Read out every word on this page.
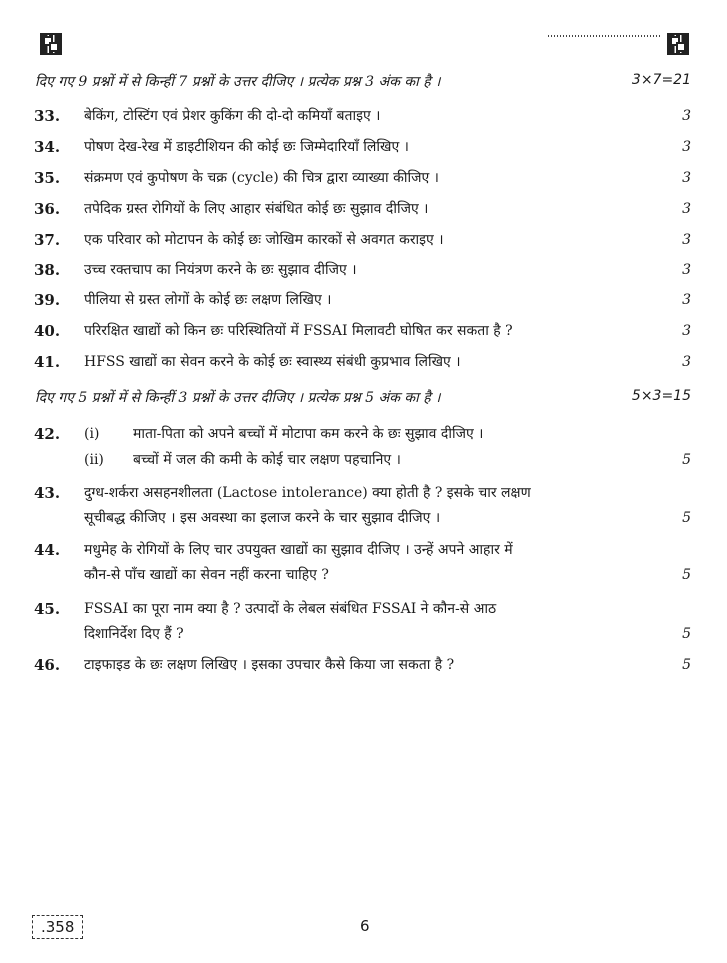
दिए गए 9 प्रश्नों में से किन्हीं 7 प्रश्नों के उत्तर दीजिए । प्रत्येक प्रश्न 3 अंक का है ।	3×7=21
33. बेकिंग, टोस्टिंग एवं प्रेशर कुकिंग की दो-दो कमियाँ बताइए ।	3
34. पोषण देख-रेख में डाइटीशियन की कोई छः जिम्मेदारियाँ लिखिए ।	3
35. संक्रमण एवं कुपोषण के चक्र (cycle) की चित्र द्वारा व्याख्या कीजिए ।	3
36. तपेदिक ग्रस्त रोगियों के लिए आहार संबंधित कोई छः सुझाव दीजिए ।	3
37. एक परिवार को मोटापन के कोई छः जोखिम कारकों से अवगत कराइए ।	3
38. उच्च रक्तचाप का नियंत्रण करने के छः सुझाव दीजिए ।	3
39. पीलिया से ग्रस्त लोगों के कोई छः लक्षण लिखिए ।	3
40. परिरक्षित खाद्यों को किन छः परिस्थितियों में FSSAI मिलावटी घोषित कर सकता है ?	3
41. HFSS खाद्यों का सेवन करने के कोई छः स्वास्थ्य संबंधी कुप्रभाव लिखिए ।	3
दिए गए 5 प्रश्नों में से किन्हीं 3 प्रश्नों के उत्तर दीजिए । प्रत्येक प्रश्न 5 अंक का है ।	5×3=15
42. (i) माता-पिता को अपने बच्चों में मोटापा कम करने के छः सुझाव दीजिए ।
(ii) बच्चों में जल की कमी के कोई चार लक्षण पहचानिए ।	5
43. दुग्ध-शर्करा असहनशीलता (Lactose intolerance) क्या होती है ? इसके चार लक्षण
सूचीबद्ध कीजिए । इस अवस्था का इलाज करने के चार सुझाव दीजिए ।	5
44. मधुमेह के रोगियों के लिए चार उपयुक्त खाद्यों का सुझाव दीजिए । उन्हें अपने आहार में
कौन-से पाँच खाद्यों का सेवन नहीं करना चाहिए ?	5
45. FSSAI का पूरा नाम क्या है ? उत्पादों के लेबल संबंधित FSSAI ने कौन-से आठ
दिशानिर्देश दिए हैं ?	5
46. टाइफाइड के छः लक्षण लिखिए । इसका उपचार कैसे किया जा सकता है ?	5
.358	6
